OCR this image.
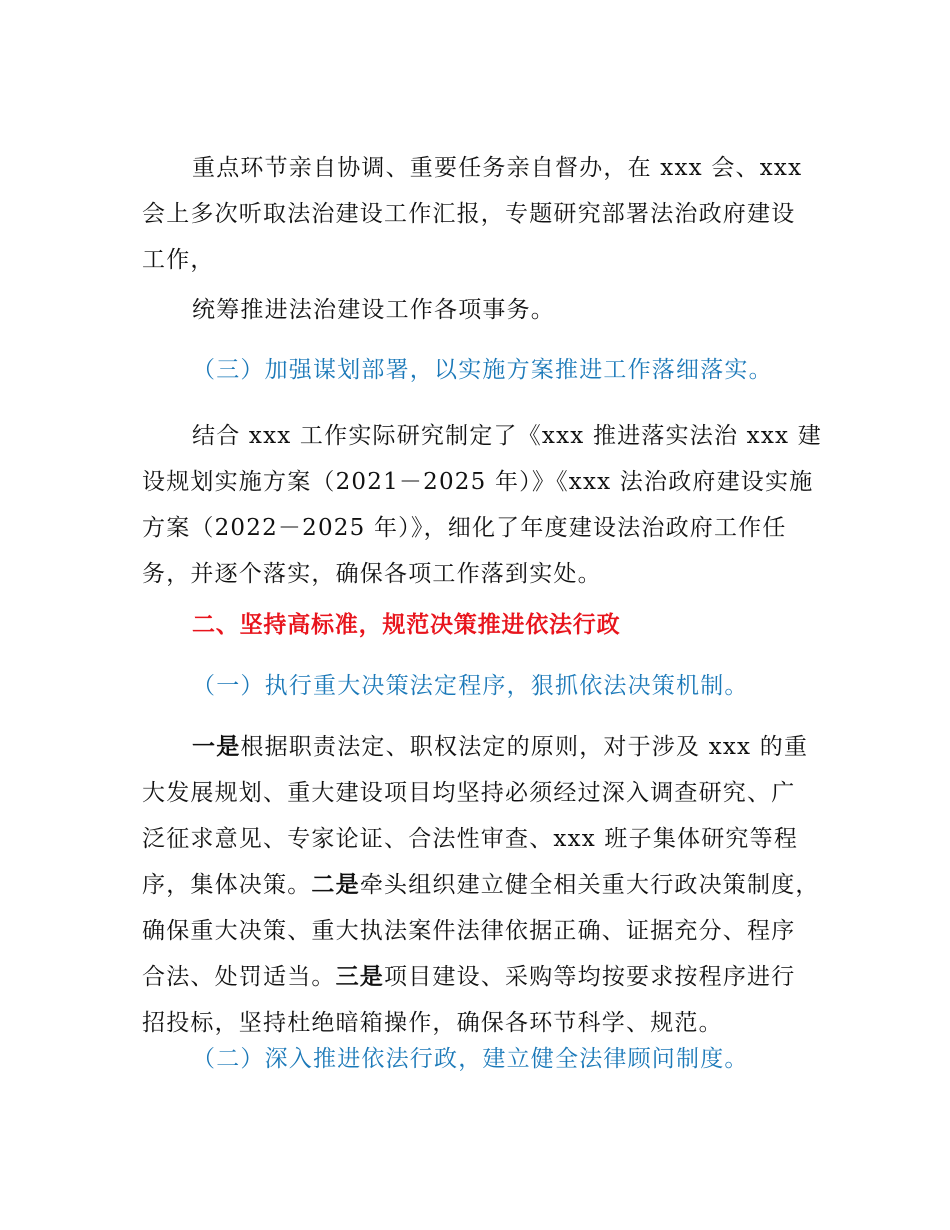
重点环节亲自协调、重要任务亲自督办，在 xxx 会、xxx
会上多次听取法治建设工作汇报，专题研究部署法治政府建设
工作，
统筹推进法治建设工作各项事务。
（三）加强谋划部署，以实施方案推进工作落细落实。
结合 xxx 工作实际研究制定了《xxx 推进落实法治 xxx 建
设规划实施方案（2021－2025 年）》《xxx 法治政府建设实施
方案（2022－2025 年）》，细化了年度建设法治政府工作任
务，并逐个落实，确保各项工作落到实处。
二、坚持高标准，规范决策推进依法行政
（一）执行重大决策法定程序，狠抓依法决策机制。
一是根据职责法定、职权法定的原则，对于涉及 xxx 的重
大发展规划、重大建设项目均坚持必须经过深入调查研究、广
泛征求意见、专家论证、合法性审查、xxx 班子集体研究等程
序，集体决策。二是牵头组织建立健全相关重大行政决策制度，
确保重大决策、重大执法案件法律依据正确、证据充分、程序
合法、处罚适当。三是项目建设、采购等均按要求按程序进行
招投标，坚持杜绝暗箱操作，确保各环节科学、规范。
（二）深入推进依法行政，建立健全法律顾问制度。
